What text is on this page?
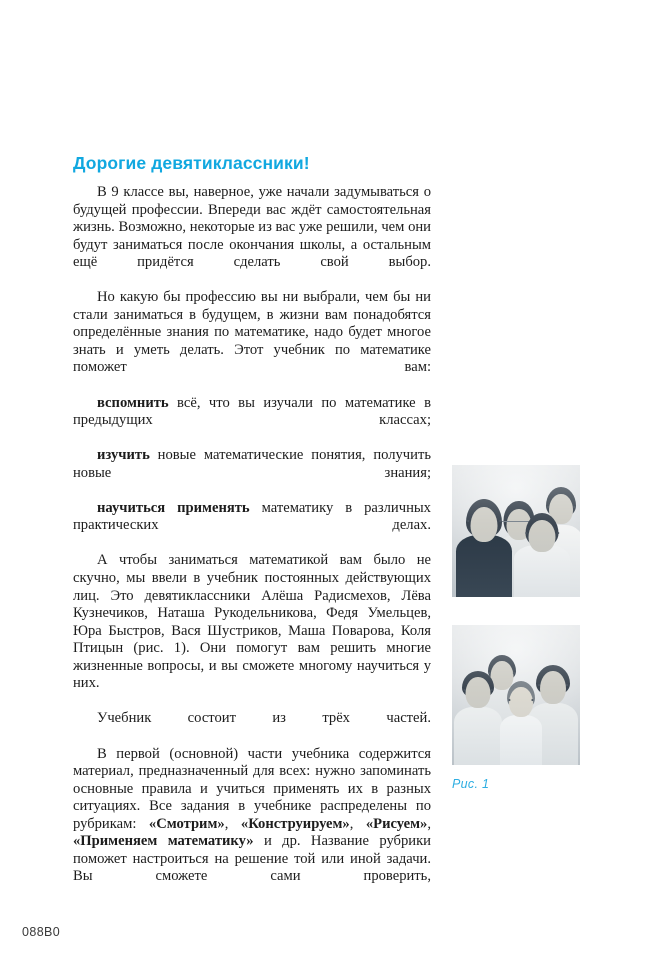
Дорогие девятиклассники!

В 9 классе вы, наверное, уже начали задумываться о будущей профессии. Впереди вас ждёт самостоятельная жизнь. Возможно, некоторые из вас уже решили, чем они будут заниматься после окончания школы, а остальным ещё придётся сделать свой выбор.

Но какую бы профессию вы ни выбрали, чем бы ни стали заниматься в будущем, в жизни вам понадобятся определённые знания по математике, надо будет многое знать и уметь делать. Этот учебник по математике поможет вам:

вспомнить всё, что вы изучали по математике в предыдущих классах;

изучить новые математические понятия, получить новые знания;

научиться применять математику в различных практических делах.

А чтобы заниматься математикой вам было не скучно, мы ввели в учебник постоянных действующих лиц. Это девятиклассники Алёша Радисмехов, Лёва Кузнечиков, Наташа Рукодельникова, Федя Умельцев, Юра Быстров, Вася Шустриков, Маша Поварова, Коля Птицын (рис. 1). Они помогут вам решить многие жизненные вопросы, и вы сможете многому научиться у них.

Учебник состоит из трёх частей.

В первой (основной) части учебника содержится материал, предназначенный для всех: нужно запоминать основные правила и учиться применять их в разных ситуациях. Все задания в учебнике распределены по рубрикам: «Смотрим», «Конструируем», «Рисуем», «Применяем математику» и др. Название рубрики поможет настроиться на решение той или иной задачи. Вы сможете сами проверить,

Рис. 1
088B0
